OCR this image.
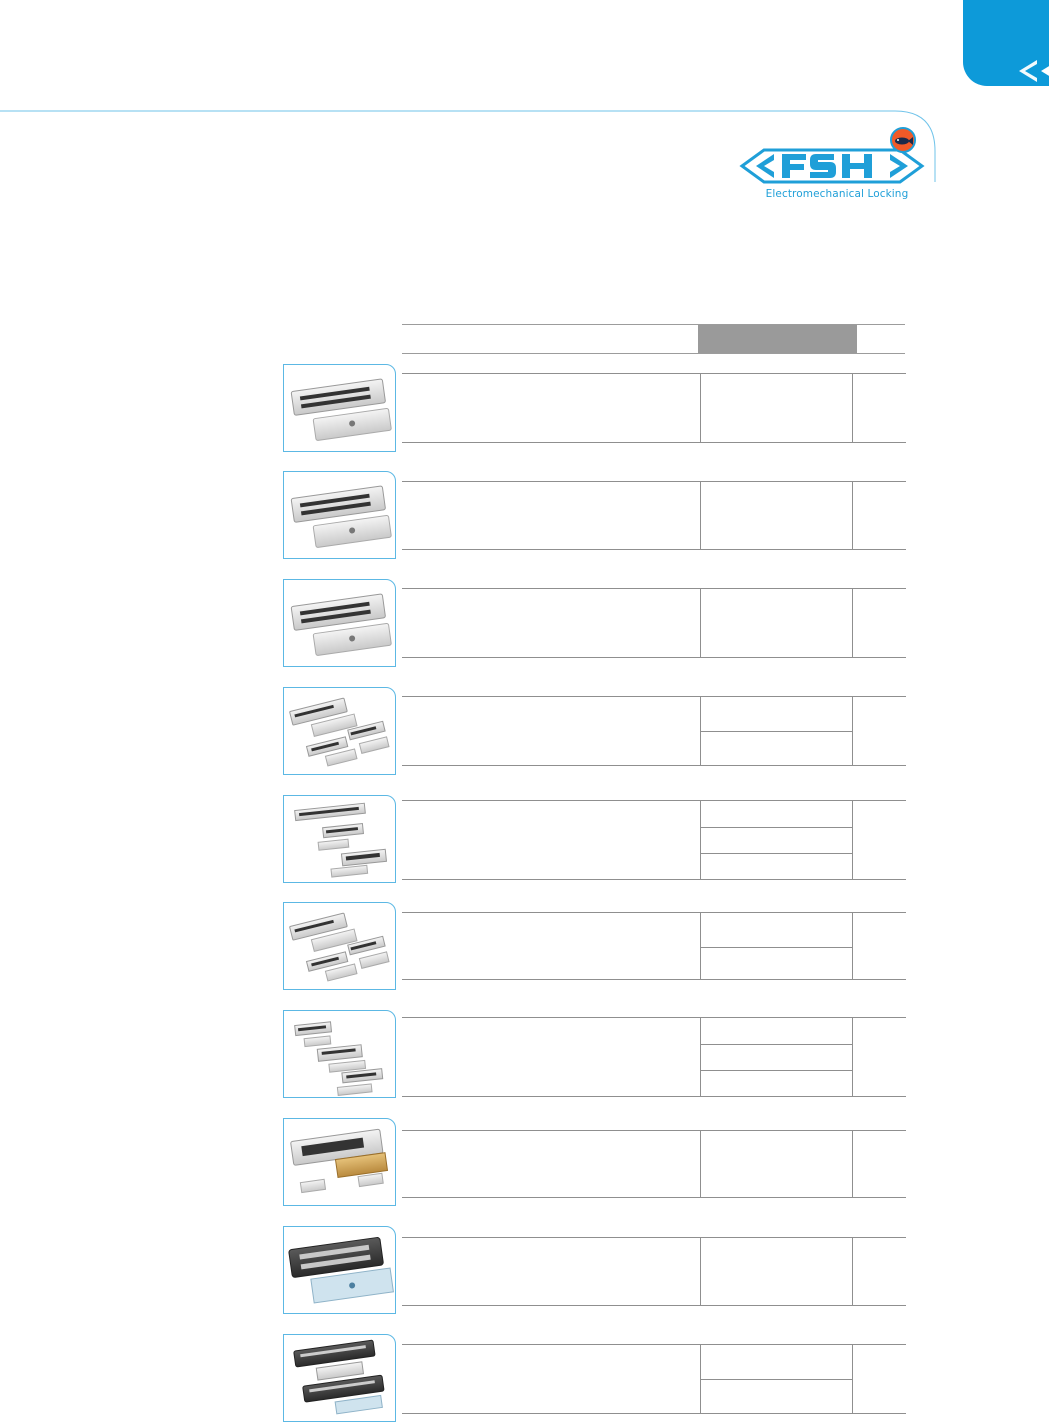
Electromechanical Locking
